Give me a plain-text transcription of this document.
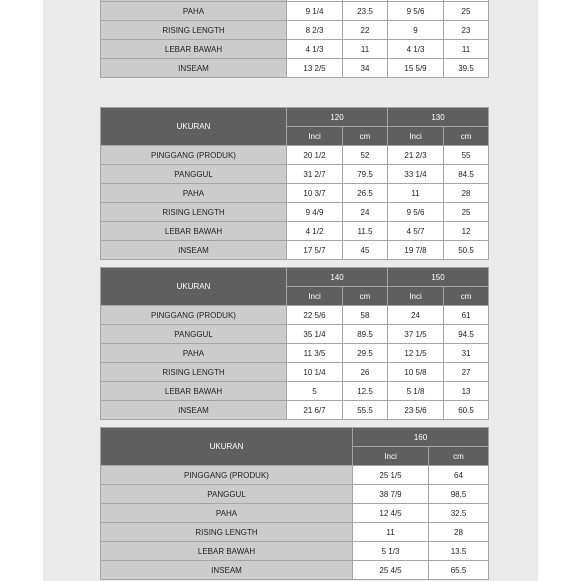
PAHA	9 1/4	23.5	9 5/6	25
RISING LENGTH	8 2/3	22	9	23
LEBAR BAWAH	4 1/3	11	4 1/3	11
INSEAM	13 2/5	34	15 5/9	39.5
UKURAN	120		130	
	Inci	cm	Inci	cm
PINGGANG (PRODUK)	20 1/2	52	21 2/3	55
PANGGUL	31 2/7	79.5	33 1/4	84.5
PAHA	10 3/7	26.5	11	28
RISING LENGTH	9 4/9	24	9 5/6	25
LEBAR BAWAH	4 1/2	11.5	4 5/7	12
INSEAM	17 5/7	45	19 7/8	50.5
UKURAN	140		150	
	Inci	cm	Inci	cm
PINGGANG (PRODUK)	22 5/6	58	24	61
PANGGUL	35 1/4	89.5	37 1/5	94.5
PAHA	11 3/5	29.5	12 1/5	31
RISING LENGTH	10 1/4	26	10 5/8	27
LEBAR BAWAH	5	12.5	5 1/8	13
INSEAM	21 6/7	55.5	23 5/6	60.5
UKURAN	160	
	Inci	cm
PINGGANG (PRODUK)	25 1/5	64
PANGGUL	38 7/9	98.5
PAHA	12 4/5	32.5
RISING LENGTH	11	28
LEBAR BAWAH	5 1/3	13.5
INSEAM	25 4/5	65.5
